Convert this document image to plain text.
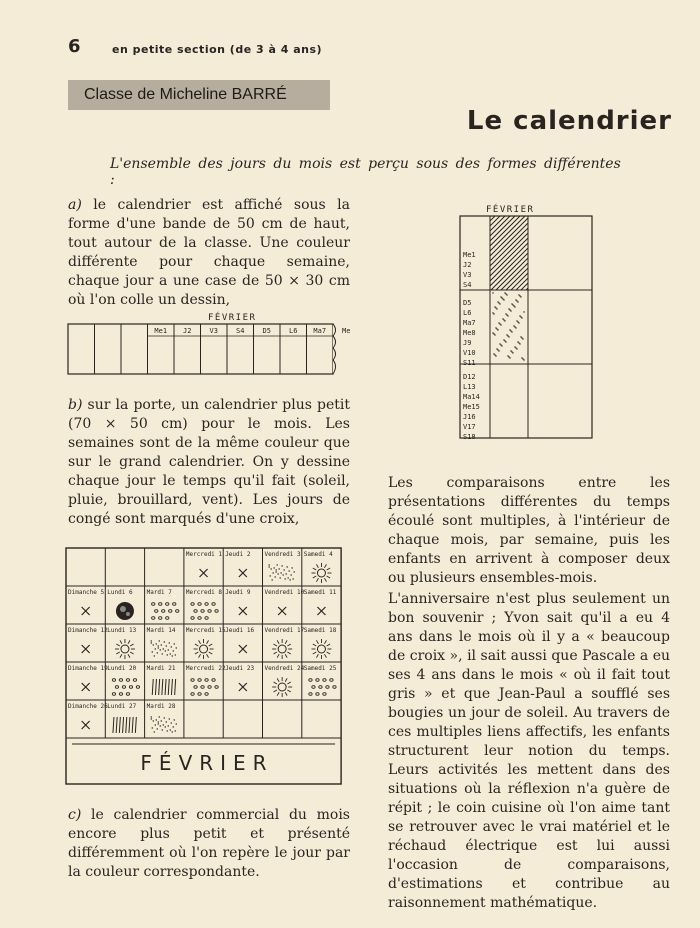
6	en petite section (de 3 à 4 ans)
Classe de Micheline BARRÉ
Le calendrier
L'ensemble des jours du mois est perçu sous des formes différentes :
a) le calendrier est affiché sous la forme d'une bande de 50 cm de haut, tout autour de la classe. Une couleur différente pour chaque semaine, chaque jour a une case de 50 × 30 cm où l'on colle un dessin,
FÉVRIER
Me1 J2	V3	S4	D5	L6 Ma7 Me
b) sur la porte, un calendrier plus petit (70 × 50 cm) pour le mois. Les semaines sont de la même couleur que sur le grand calendrier. On y dessine chaque jour le temps qu'il fait (soleil, pluie, brouillard, vent). Les jours de congé sont marqués d'une croix,
Mercredi 1 Jeudi 2 Vendredi 3 Samedi 4
Dimanche 5 Lundi 6 Mardi 7 Mercredi 8 Jeudi 9 Vendredi 10 Samedi 11
Dimanche 12 Lundi 13 Mardi 14 Mercredi 15 Jeudi 16 Vendredi 17 Samedi 18
Dimanche 19 Lundi 20 Mardi 21 Mercredi 22 Jeudi 23 Vendredi 24 Samedi 25
Dimanche 26 Lundi 27 Mardi 28
FÉVRIER
c) le calendrier commercial du mois encore plus petit et présenté différemment où l'on repère le jour par la couleur correspondante.
FÉVRIER
Me1
J2
V3
S4
D5
L6
Ma7
Me8
J9
V10
S11
D12
L13
Ma14
Me15
J16
V17
S18
Les comparaisons entre les présentations différentes du temps écoulé sont multiples, à l'intérieur de chaque mois, par semaine, puis les enfants en arrivent à composer deux ou plusieurs ensembles-mois.
L'anniversaire n'est plus seulement un bon souvenir ; Yvon sait qu'il a eu 4 ans dans le mois où il y a « beaucoup de croix », il sait aussi que Pascale a eu ses 4 ans dans le mois « où il fait tout gris » et que Jean-Paul a soufflé ses bougies un jour de soleil. Au travers de ces multiples liens affectifs, les enfants structurent leur notion du temps. Leurs activités les mettent dans des situations où la réflexion n'a guère de répit ; le coin cuisine où l'on aime tant se retrouver avec le vrai matériel et le réchaud électrique est lui aussi l'occasion de comparaisons, d'estimations et contribue au raisonnement mathématique.
